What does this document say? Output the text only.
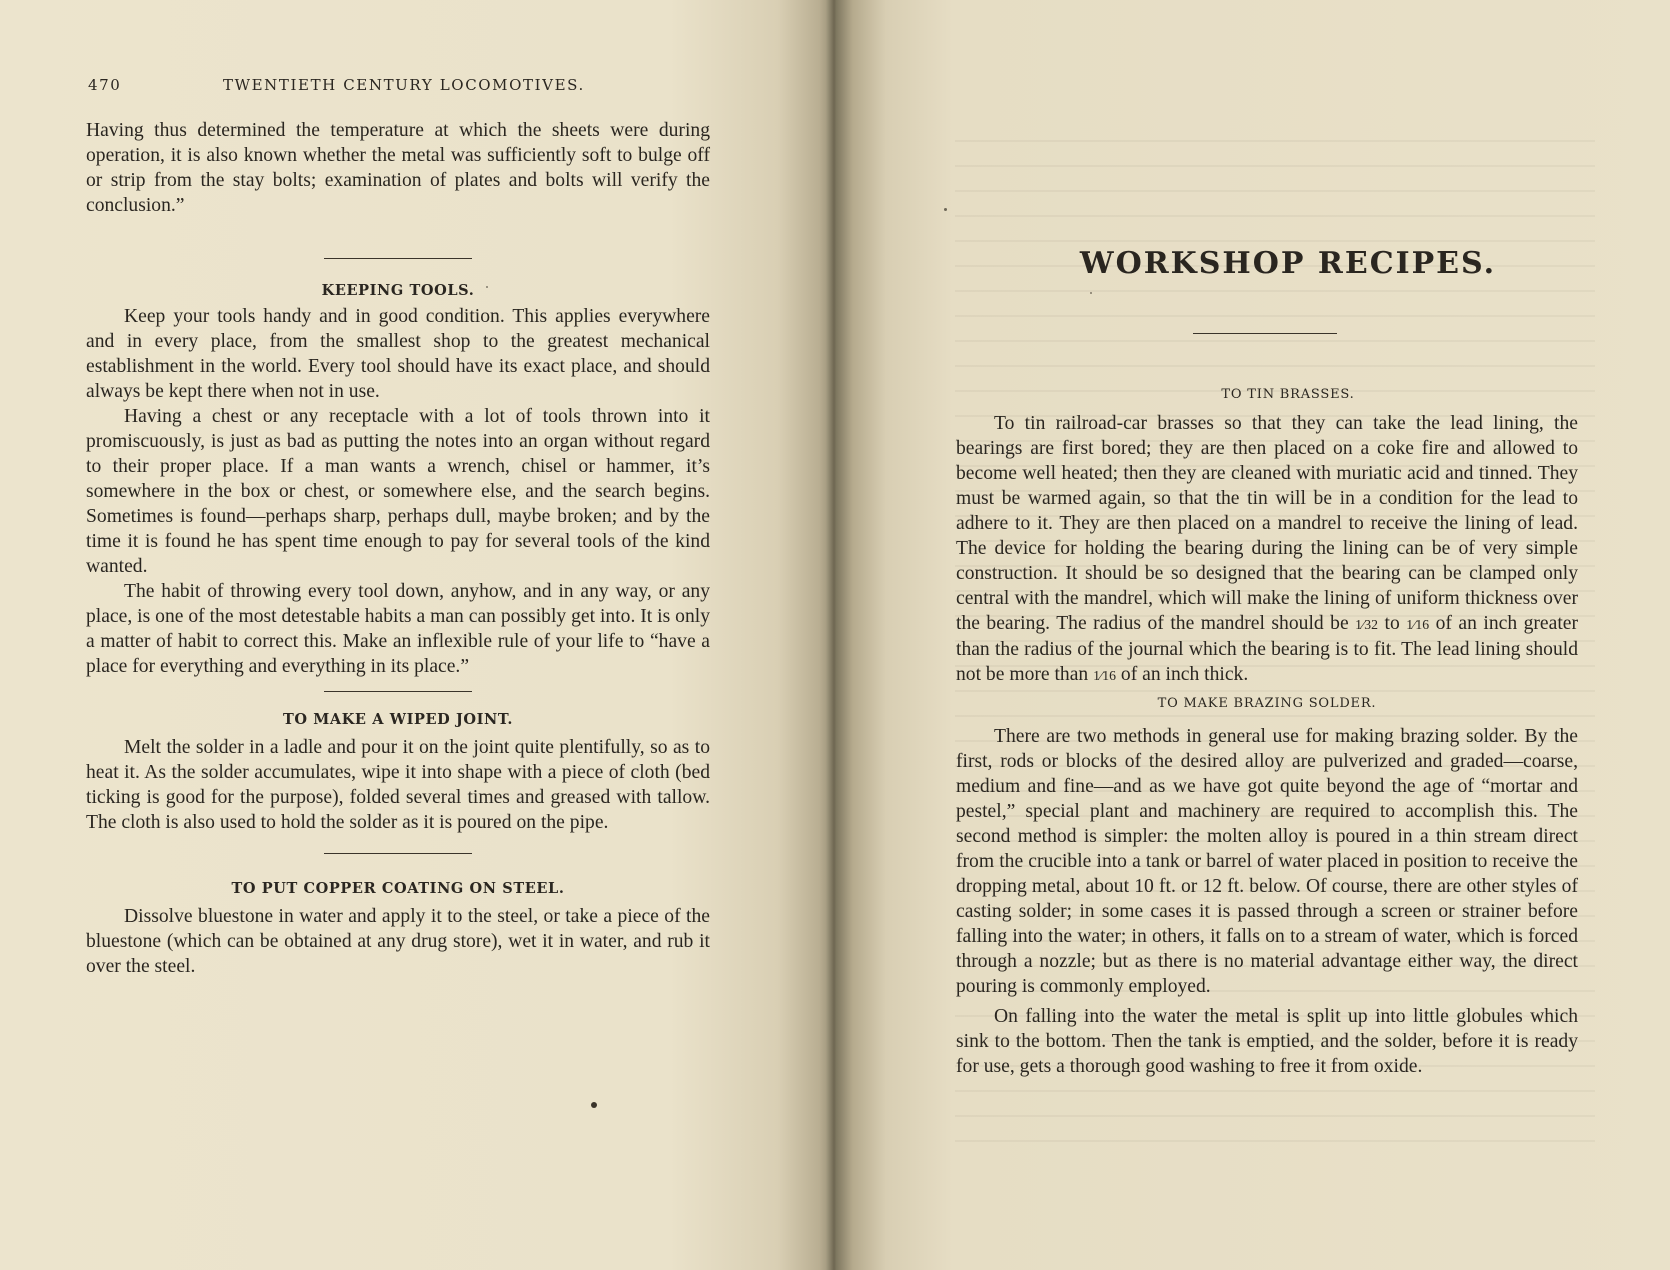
470	TWENTIETH CENTURY LOCOMOTIVES.

Having thus determined the temperature at which the sheets were during operation, it is also known whether the metal was sufficiently soft to bulge off or strip from the stay bolts; examination of plates and bolts will verify the conclusion.”

KEEPING TOOLS.

Keep your tools handy and in good condition. This applies everywhere and in every place, from the smallest shop to the greatest mechanical establishment in the world. Every tool should have its exact place, and should always be kept there when not in use.

Having a chest or any receptacle with a lot of tools thrown into it promiscuously, is just as bad as putting the notes into an organ without regard to their proper place. If a man wants a wrench, chisel or hammer, it’s somewhere in the box or chest, or somewhere else, and the search begins. Sometimes is found—perhaps sharp, perhaps dull, maybe broken; and by the time it is found he has spent time enough to pay for several tools of the kind wanted.

The habit of throwing every tool down, anyhow, and in any way, or any place, is one of the most detestable habits a man can possibly get into. It is only a matter of habit to correct this. Make an inflexible rule of your life to “have a place for everything and everything in its place.”

TO MAKE A WIPED JOINT.

Melt the solder in a ladle and pour it on the joint quite plentifully, so as to heat it. As the solder accumulates, wipe it into shape with a piece of cloth (bed ticking is good for the purpose), folded several times and greased with tallow. The cloth is also used to hold the solder as it is poured on the pipe.

TO PUT COPPER COATING ON STEEL.

Dissolve bluestone in water and apply it to the steel, or take a piece of the bluestone (which can be obtained at any drug store), wet it in water, and rub it over the steel.

WORKSHOP RECIPES.

TO TIN BRASSES.

To tin railroad-car brasses so that they can take the lead lining, the bearings are first bored; they are then placed on a coke fire and allowed to become well heated; then they are cleaned with muriatic acid and tinned. They must be warmed again, so that the tin will be in a condition for the lead to adhere to it. They are then placed on a mandrel to receive the lining of lead. The device for holding the bearing during the lining can be of very simple construction. It should be so designed that the bearing can be clamped only central with the mandrel, which will make the lining of uniform thickness over the bearing. The radius of the mandrel should be 1⁄32 to 1⁄16 of an inch greater than the radius of the journal which the bearing is to fit. The lead lining should not be more than 1⁄16 of an inch thick.

TO MAKE BRAZING SOLDER.

There are two methods in general use for making brazing solder. By the first, rods or blocks of the desired alloy are pulverized and graded—coarse, medium and fine—and as we have got quite beyond the age of “mortar and pestel,” special plant and machinery are required to accomplish this. The second method is simpler: the molten alloy is poured in a thin stream direct from the crucible into a tank or barrel of water placed in position to receive the dropping metal, about 10 ft. or 12 ft. below. Of course, there are other styles of casting solder; in some cases it is passed through a screen or strainer before falling into the water; in others, it falls on to a stream of water, which is forced through a nozzle; but as there is no material advantage either way, the direct pouring is commonly employed.

On falling into the water the metal is split up into little globules which sink to the bottom. Then the tank is emptied, and the solder, before it is ready for use, gets a thorough good washing to free it from oxide.
